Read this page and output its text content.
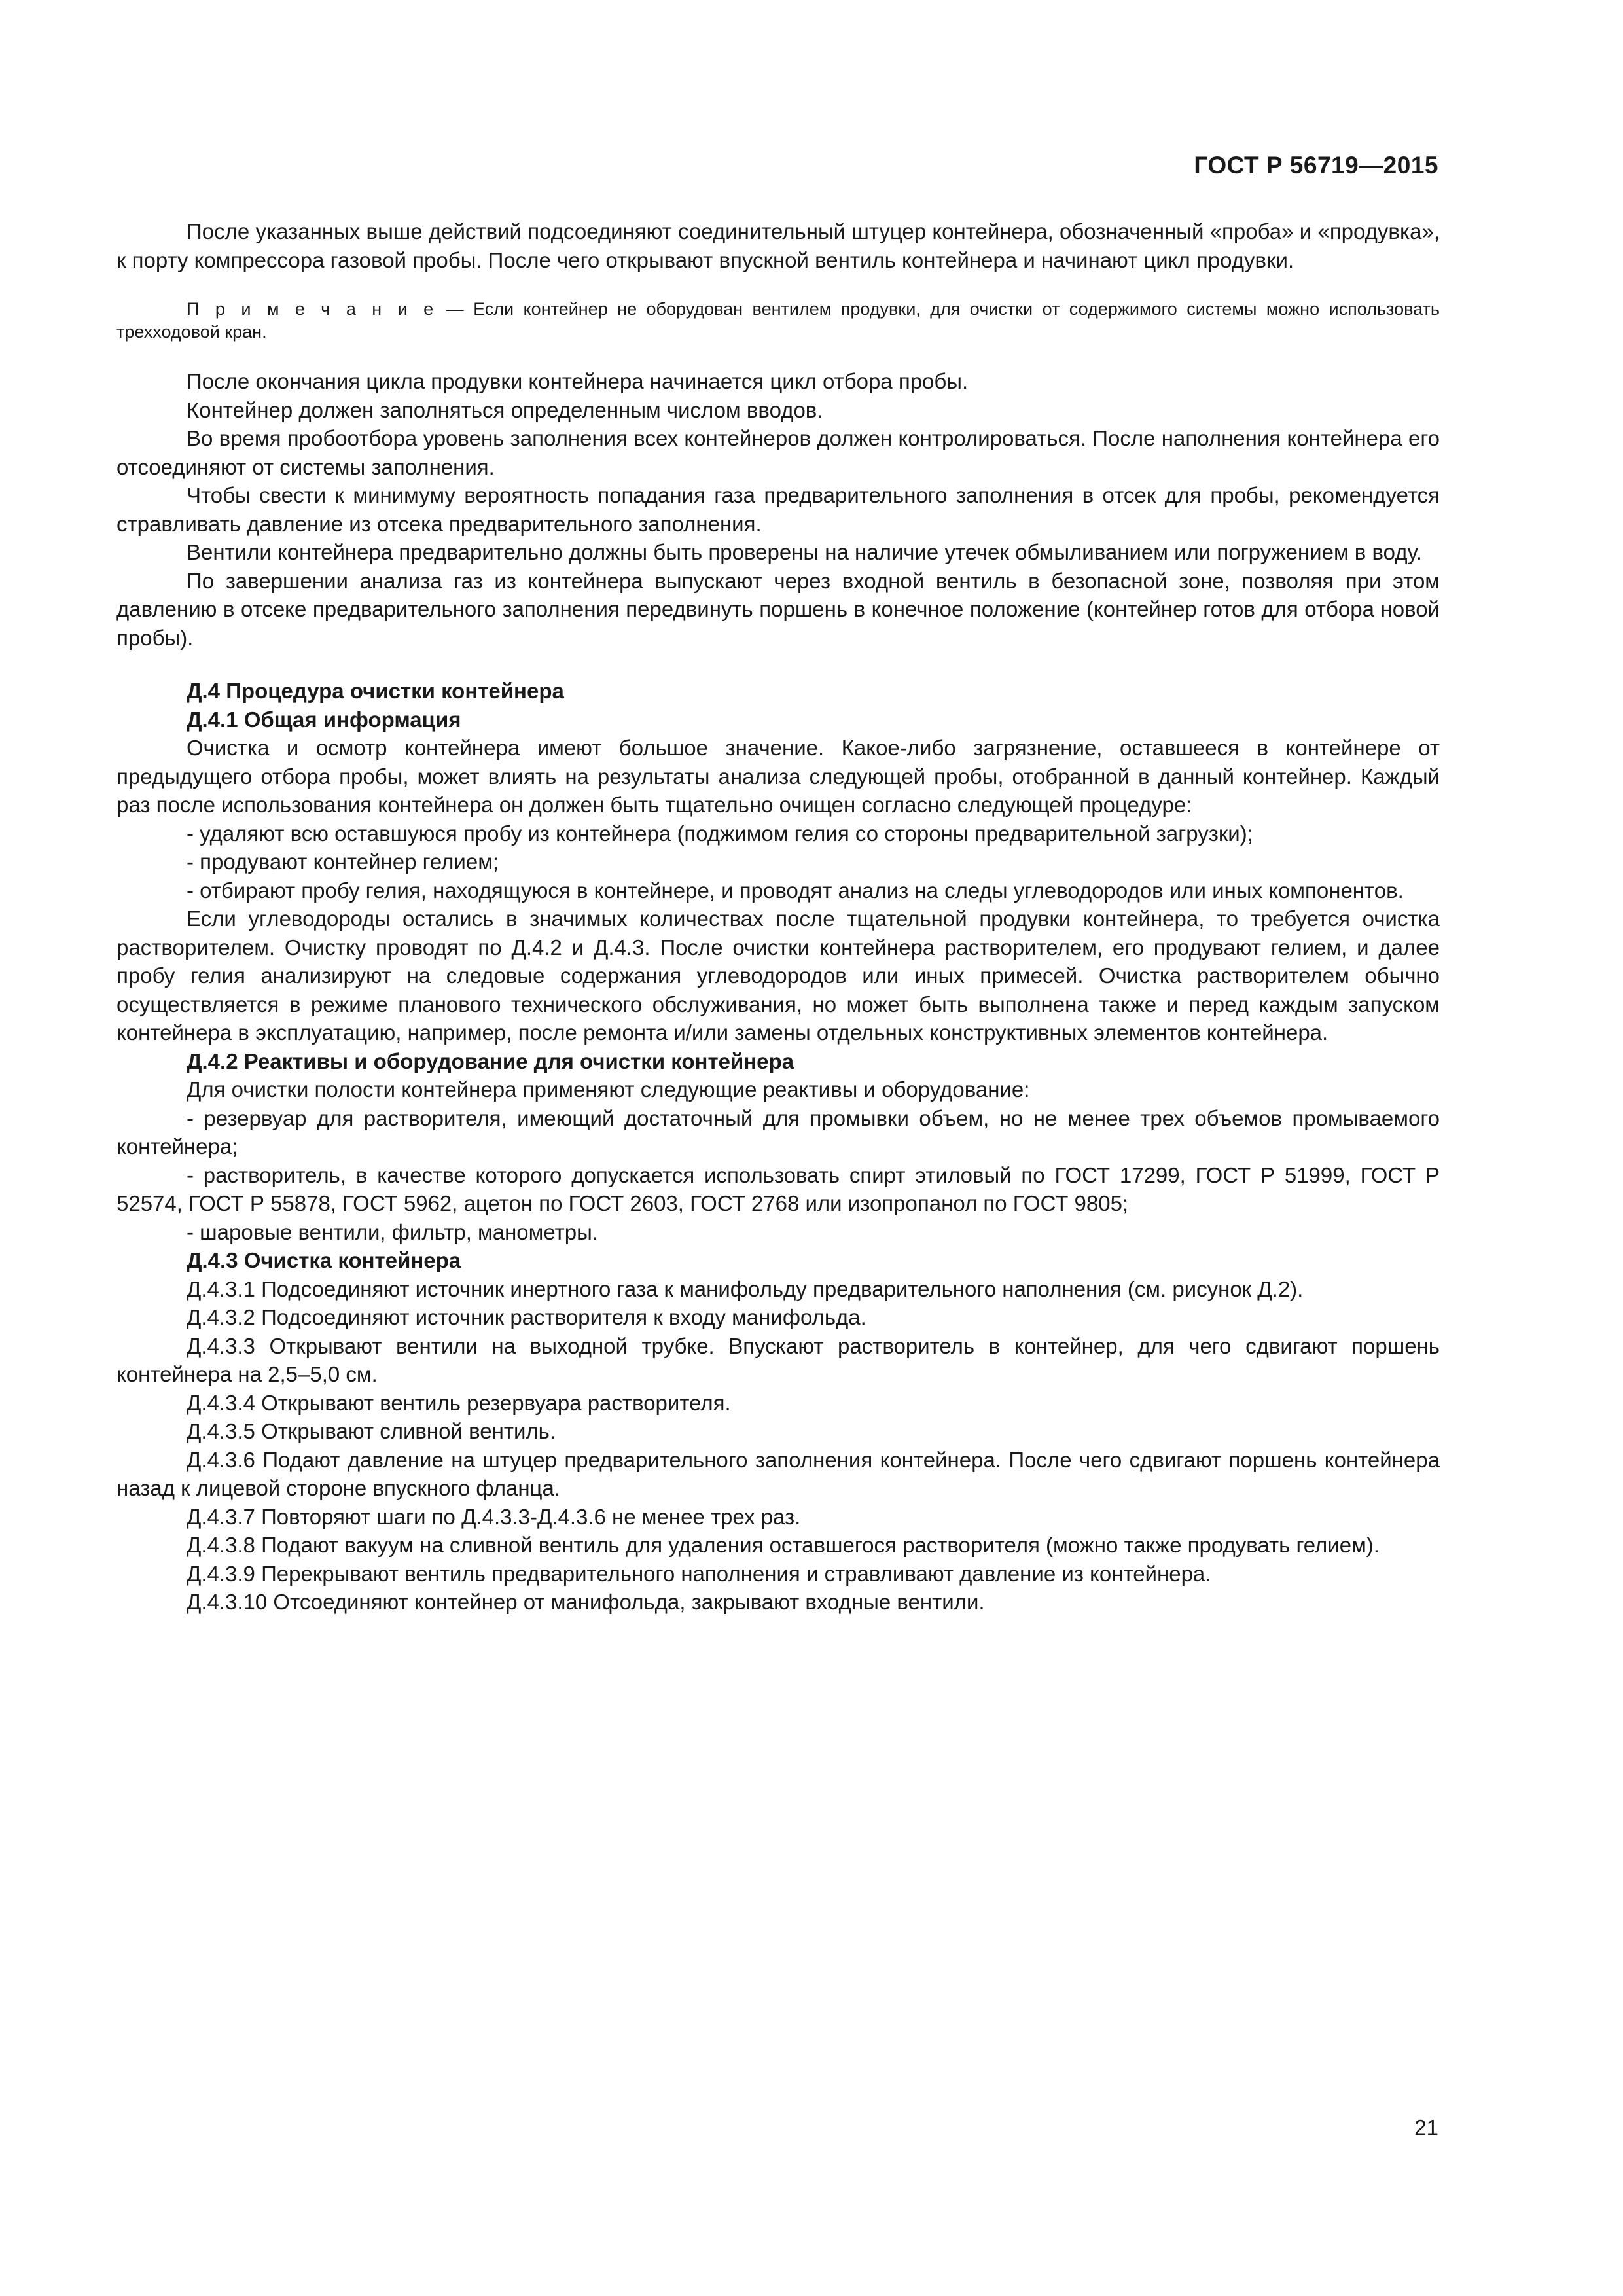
ГОСТ Р 56719—2015

После указанных выше действий подсоединяют соединительный штуцер контейнера, обозначенный «проба» и «продувка», к порту компрессора газовой пробы. После чего открывают впускной вентиль контейнера и начинают цикл продувки.

П р и м е ч а н и е — Если контейнер не оборудован вентилем продувки, для очистки от содержимого системы можно использовать трехходовой кран.

После окончания цикла продувки контейнера начинается цикл отбора пробы.

Контейнер должен заполняться определенным числом вводов.

Во время пробоотбора уровень заполнения всех контейнеров должен контролироваться. После наполнения контейнера его отсоединяют от системы заполнения.

Чтобы свести к минимуму вероятность попадания газа предварительного заполнения в отсек для пробы, рекомендуется стравливать давление из отсека предварительного заполнения.

Вентили контейнера предварительно должны быть проверены на наличие утечек обмыливанием или погружением в воду.

По завершении анализа газ из контейнера выпускают через входной вентиль в безопасной зоне, позволяя при этом давлению в отсеке предварительного заполнения передвинуть поршень в конечное положение (контейнер готов для отбора новой пробы).

Д.4 Процедура очистки контейнера

Д.4.1 Общая информация

Очистка и осмотр контейнера имеют большое значение. Какое-либо загрязнение, оставшееся в контейнере от предыдущего отбора пробы, может влиять на результаты анализа следующей пробы, отобранной в данный контейнер. Каждый раз после использования контейнера он должен быть тщательно очищен согласно следующей процедуре:

- удаляют всю оставшуюся пробу из контейнера (поджимом гелия со стороны предварительной загрузки);

- продувают контейнер гелием;

- отбирают пробу гелия, находящуюся в контейнере, и проводят анализ на следы углеводородов или иных компонентов.

Если углеводороды остались в значимых количествах после тщательной продувки контейнера, то требуется очистка растворителем. Очистку проводят по Д.4.2 и Д.4.3. После очистки контейнера растворителем, его продувают гелием, и далее пробу гелия анализируют на следовые содержания углеводородов или иных примесей. Очистка растворителем обычно осуществляется в режиме планового технического обслуживания, но может быть выполнена также и перед каждым запуском контейнера в эксплуатацию, например, после ремонта и/или замены отдельных конструктивных элементов контейнера.

Д.4.2 Реактивы и оборудование для очистки контейнера

Для очистки полости контейнера применяют следующие реактивы и оборудование:

- резервуар для растворителя, имеющий достаточный для промывки объем, но не менее трех объемов промываемого контейнера;

- растворитель, в качестве которого допускается использовать спирт этиловый по ГОСТ 17299, ГОСТ Р 51999, ГОСТ Р 52574, ГОСТ Р 55878, ГОСТ 5962, ацетон по ГОСТ 2603, ГОСТ 2768 или изопропанол по ГОСТ 9805;

- шаровые вентили, фильтр, манометры.

Д.4.3 Очистка контейнера

Д.4.3.1 Подсоединяют источник инертного газа к манифольду предварительного наполнения (см. рисунок Д.2).

Д.4.3.2 Подсоединяют источник растворителя к входу манифольда.

Д.4.3.3 Открывают вентили на выходной трубке. Впускают растворитель в контейнер, для чего сдвигают поршень контейнера на 2,5–5,0 см.

Д.4.3.4 Открывают вентиль резервуара растворителя.

Д.4.3.5 Открывают сливной вентиль.

Д.4.3.6 Подают давление на штуцер предварительного заполнения контейнера. После чего сдвигают поршень контейнера назад к лицевой стороне впускного фланца.

Д.4.3.7 Повторяют шаги по Д.4.3.3-Д.4.3.6 не менее трех раз.

Д.4.3.8 Подают вакуум на сливной вентиль для удаления оставшегося растворителя (можно также продувать гелием).

Д.4.3.9 Перекрывают вентиль предварительного наполнения и стравливают давление из контейнера.

Д.4.3.10 Отсоединяют контейнер от манифольда, закрывают входные вентили.

21
